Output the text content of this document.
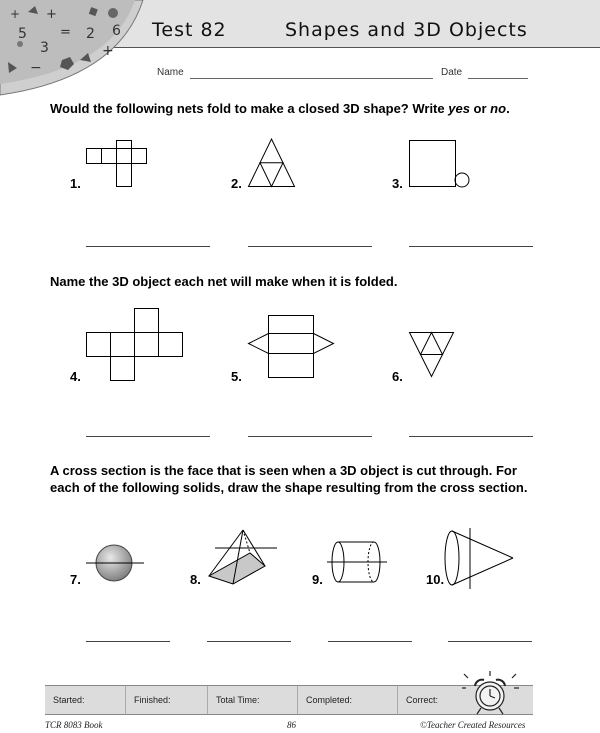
+
5
+
=
3
2 6
+
−
Test 82	Shapes and 3D Objects
Name	Date
Would the following nets fold to make a closed 3D shape? Write yes or no.
1.	2.	3.
Name the 3D object each net will make when it is folded.
4.	5.	6.
A cross section is the face that is seen when a 3D object is cut through. For each of the following solids, draw the shape resulting from the cross section.
7.	8.	9.	10.
Started:	Finished:	Total Time:	Completed:	Correct:
TCR 8083 Book	86	©Teacher Created Resources
